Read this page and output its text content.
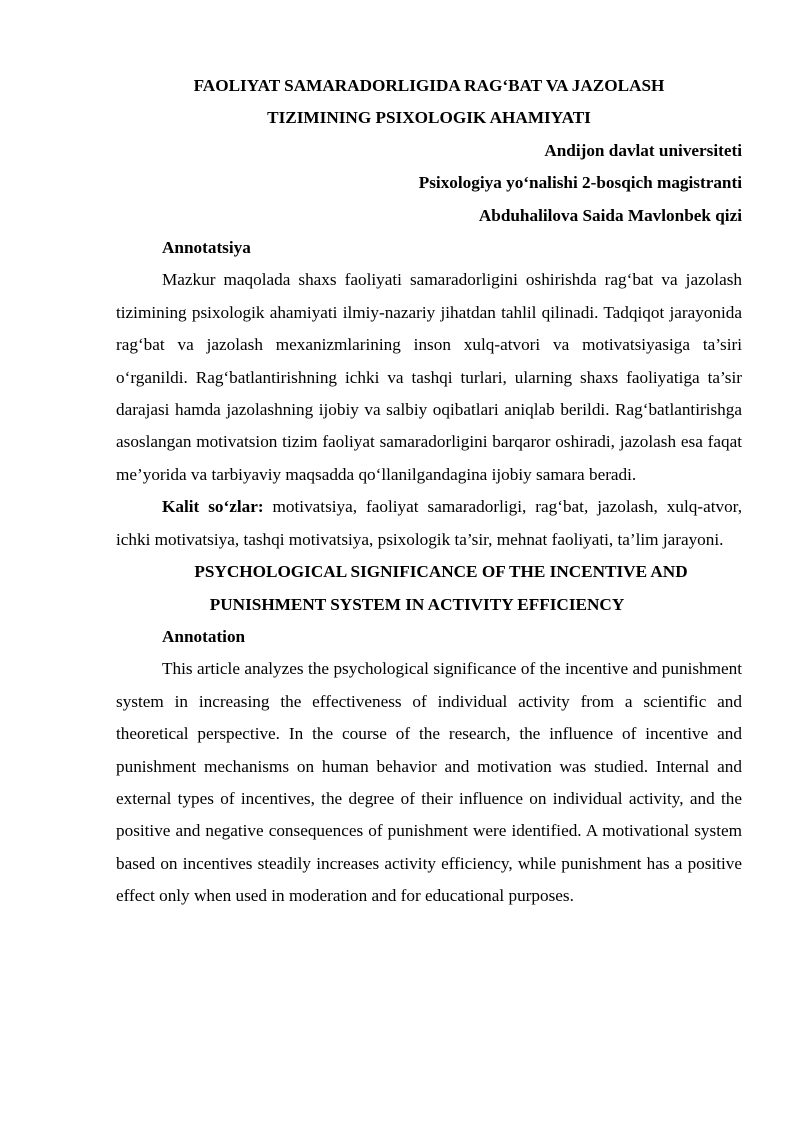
FAOLIYAT SAMARADORLIGIDA RAG‘BAT VA JAZOLASH
TIZIMINING PSIXOLOGIK AHAMIYATI
Andijon davlat universiteti
Psixologiya yo‘nalishi 2-bosqich magistranti
Abduhalilova Saida Mavlonbek qizi
Annotatsiya

Mazkur maqolada shaxs faoliyati samaradorligini oshirishda rag‘bat va jazolash tizimining psixologik ahamiyati ilmiy-nazariy jihatdan tahlil qilinadi. Tadqiqot jarayonida rag‘bat va jazolash mexanizmlarining inson xulq-atvori va motivatsiyasiga ta’siri o‘rganildi. Rag‘batlantirishning ichki va tashqi turlari, ularning shaxs faoliyatiga ta’sir darajasi hamda jazolashning ijobiy va salbiy oqibatlari aniqlab berildi. Rag‘batlantirishga asoslangan motivatsion tizim faoliyat samaradorligini barqaror oshiradi, jazolash esa faqat me’yorida va tarbiyaviy maqsadda qo‘llanilgandagina ijobiy samara beradi.

Kalit so‘zlar: motivatsiya, faoliyat samaradorligi, rag‘bat, jazolash, xulq-atvor, ichki motivatsiya, tashqi motivatsiya, psixologik ta’sir, mehnat faoliyati, ta’lim jarayoni.

PSYCHOLOGICAL SIGNIFICANCE OF THE INCENTIVE AND
PUNISHMENT SYSTEM IN ACTIVITY EFFICIENCY
Annotation

This article analyzes the psychological significance of the incentive and punishment system in increasing the effectiveness of individual activity from a scientific and theoretical perspective. In the course of the research, the influence of incentive and punishment mechanisms on human behavior and motivation was studied. Internal and external types of incentives, the degree of their influence on individual activity, and the positive and negative consequences of punishment were identified. A motivational system based on incentives steadily increases activity efficiency, while punishment has a positive effect only when used in moderation and for educational purposes.
